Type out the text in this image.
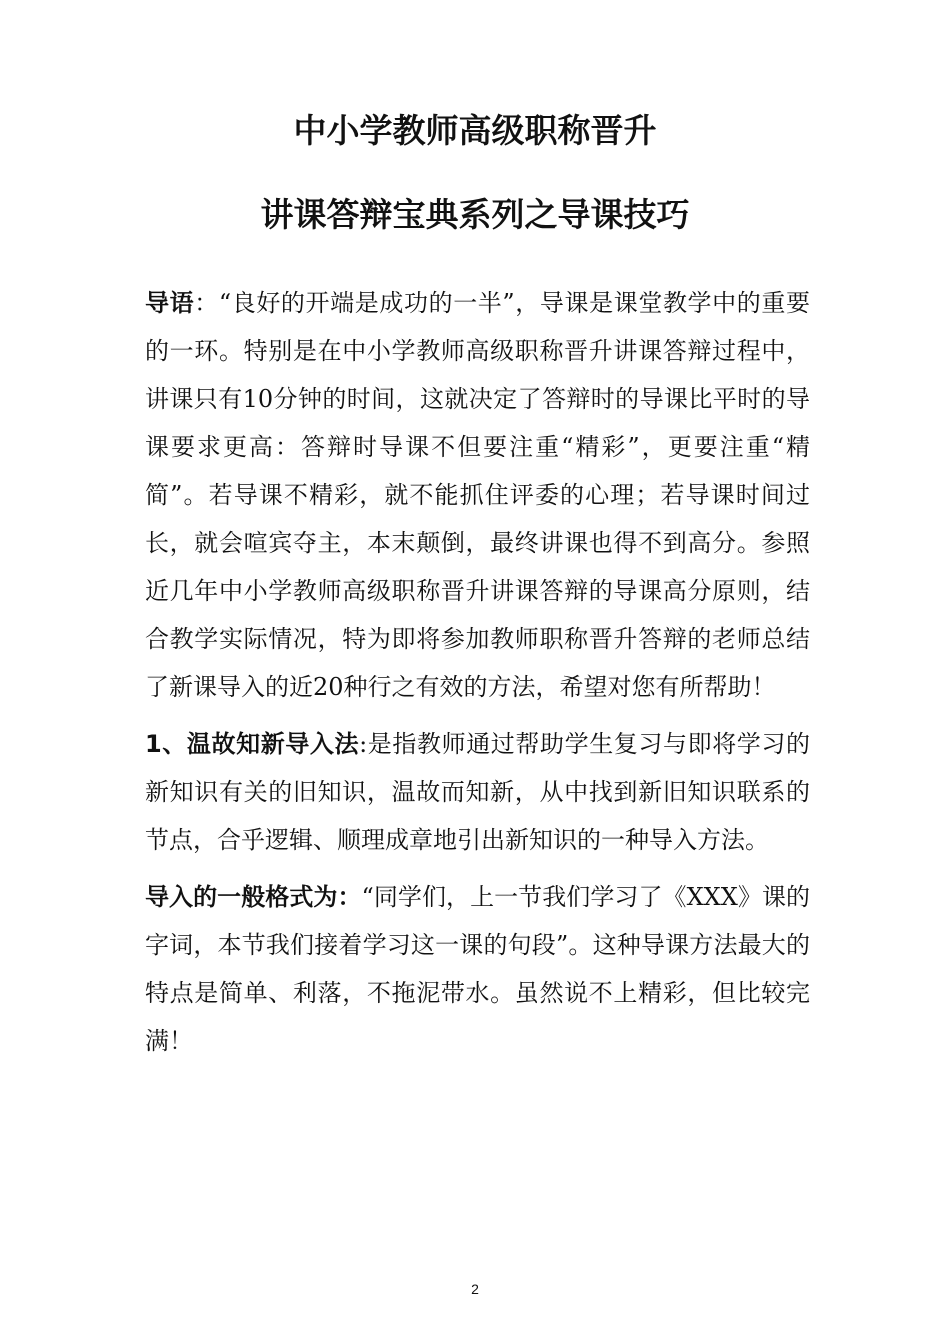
中小学教师高级职称晋升
讲课答辩宝典系列之导课技巧

导语：“良好的开端是成功的一半”，导课是课堂教学中的重要的一环。特别是在中小学教师高级职称晋升讲课答辩过程中，讲课只有10分钟的时间，这就决定了答辩时的导课比平时的导课要求更高：答辩时导课不但要注重“精彩”，更要注重“精简”。若导课不精彩，就不能抓住评委的心理；若导课时间过长，就会喧宾夺主，本末颠倒，最终讲课也得不到高分。参照近几年中小学教师高级职称晋升讲课答辩的导课高分原则，结合教学实际情况，特为即将参加教师职称晋升答辩的老师总结了新课导入的近20种行之有效的方法，希望对您有所帮助！

1、温故知新导入法:是指教师通过帮助学生复习与即将学习的新知识有关的旧知识，温故而知新，从中找到新旧知识联系的节点，合乎逻辑、顺理成章地引出新知识的一种导入方法。

导入的一般格式为：“同学们，上一节我们学习了《XXX》课的字词，本节我们接着学习这一课的句段”。这种导课方法最大的特点是简单、利落，不拖泥带水。虽然说不上精彩，但比较完满！

2
